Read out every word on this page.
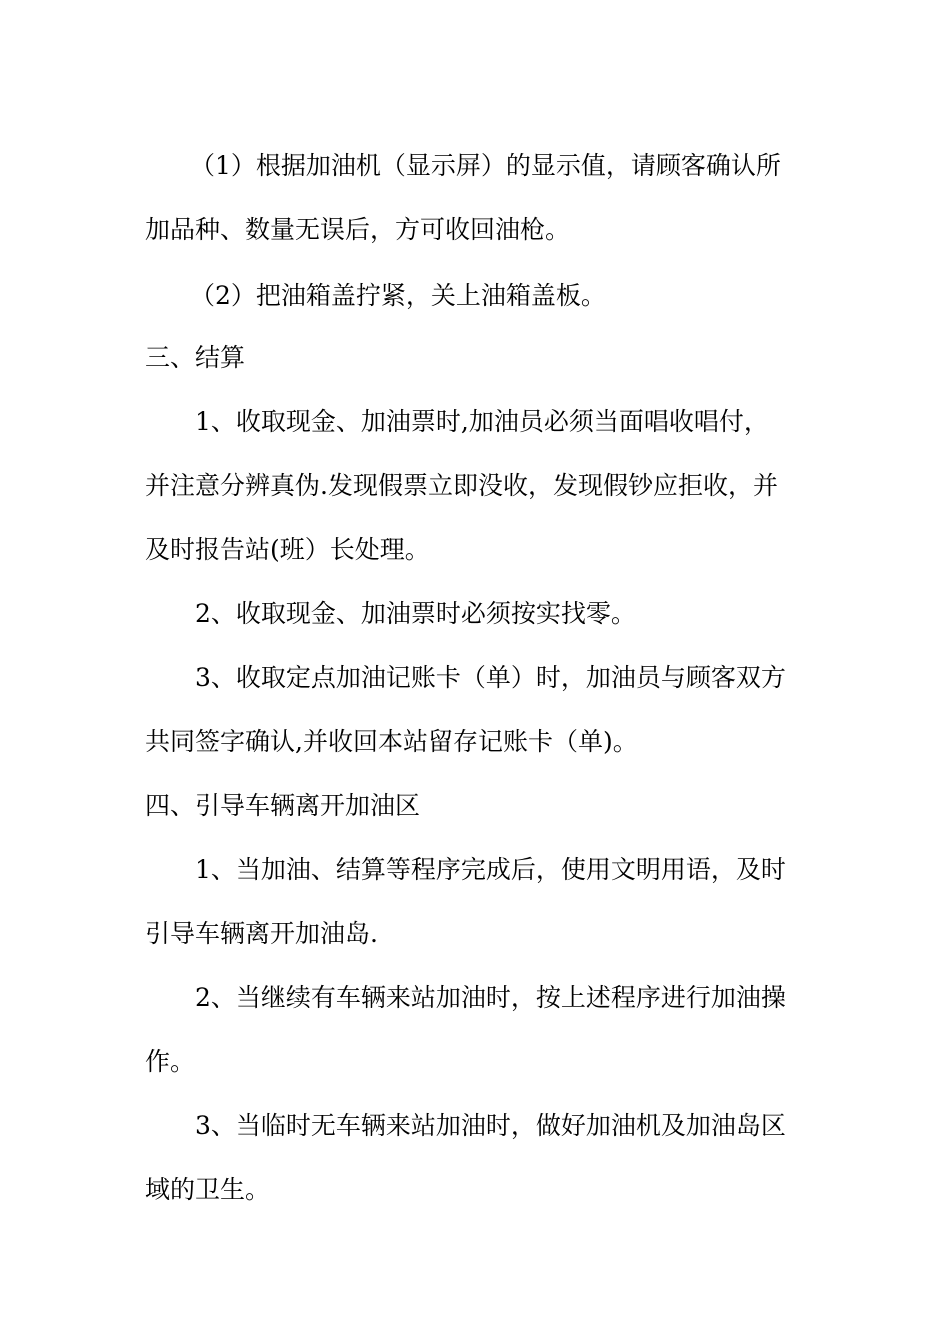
（1）根据加油机（显示屏）的显示值，请顾客确认所
加品种、数量无误后，方可收回油枪。
（2）把油箱盖拧紧，关上油箱盖板。
三、结算
1、收取现金、加油票时,加油员必须当面唱收唱付，
并注意分辨真伪.发现假票立即没收，发现假钞应拒收，并
及时报告站(班）长处理。
2、收取现金、加油票时必须按实找零。
3、收取定点加油记账卡（单）时，加油员与顾客双方
共同签字确认,并收回本站留存记账卡（单)。
四、引导车辆离开加油区
1、当加油、结算等程序完成后，使用文明用语，及时
引导车辆离开加油岛.
2、当继续有车辆来站加油时，按上述程序进行加油操
作。
3、当临时无车辆来站加油时，做好加油机及加油岛区
域的卫生。
